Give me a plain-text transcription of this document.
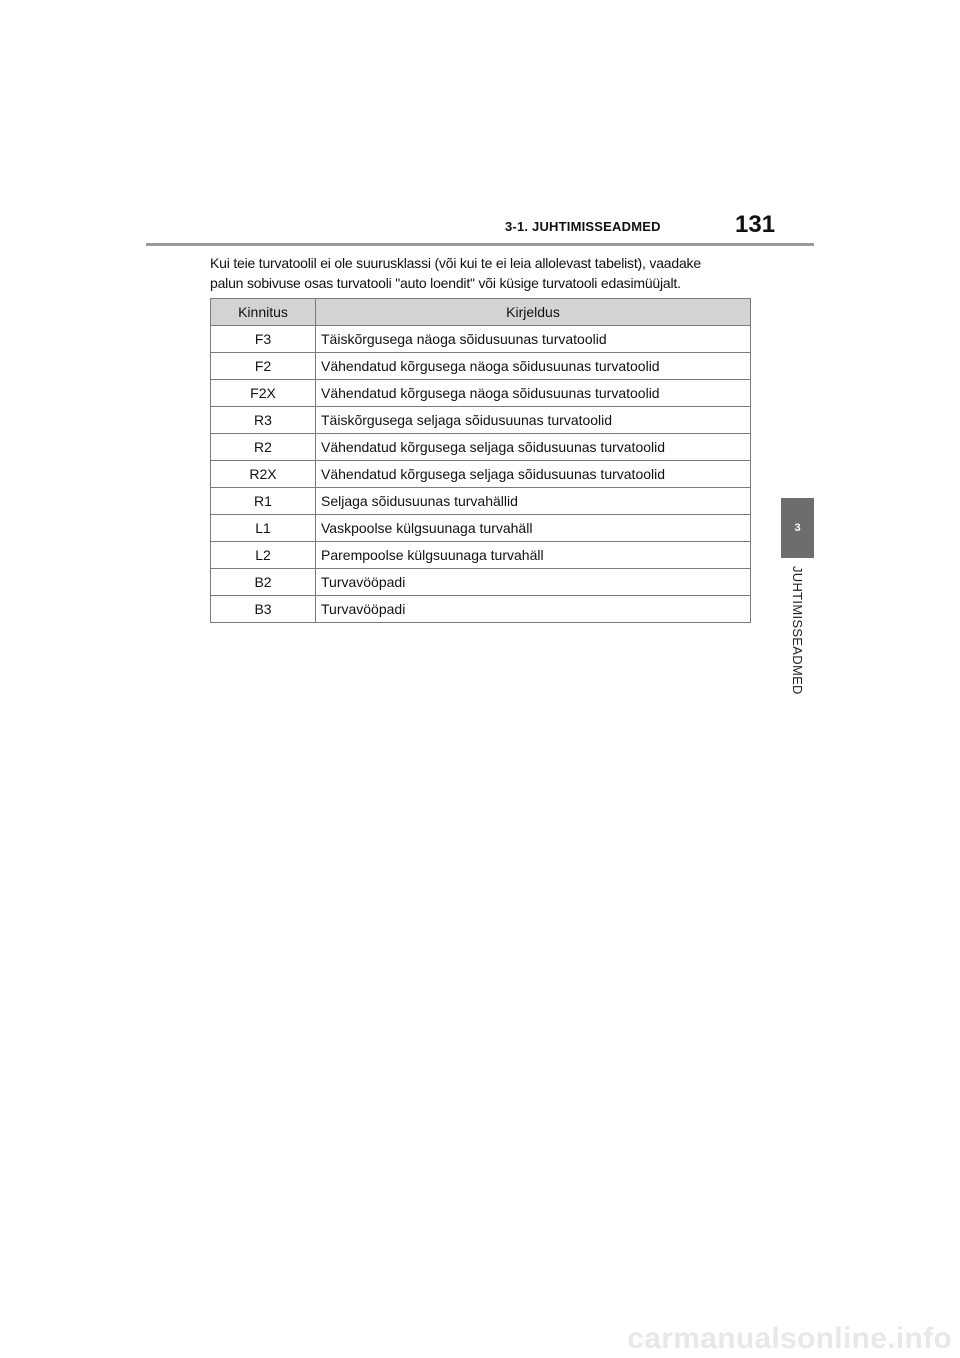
3-1. JUHTIMISSEADMED	131

Kui teie turvatoolil ei ole suurusklassi (või kui te ei leia allolevast tabelist), vaadake

palun sobivuse osas turvatooli "auto loendit" või küsige turvatooli edasimüüjalt.

Kinnitus	Kirjeldus
F3	Täiskõrgusega näoga sõidusuunas turvatoolid
F2	Vähendatud kõrgusega näoga sõidusuunas turvatoolid
F2X	Vähendatud kõrgusega näoga sõidusuunas turvatoolid
R3	Täiskõrgusega seljaga sõidusuunas turvatoolid
R2	Vähendatud kõrgusega seljaga sõidusuunas turvatoolid
R2X	Vähendatud kõrgusega seljaga sõidusuunas turvatoolid
R1	Seljaga sõidusuunas turvahällid
L1	Vaskpoolse külgsuunaga turvahäll
L2	Parempoolse külgsuunaga turvahäll
B2	Turvavööpadi
B3	Turvavööpadi
3
JUHTIMISSEADMED
carmanualsonline.info
